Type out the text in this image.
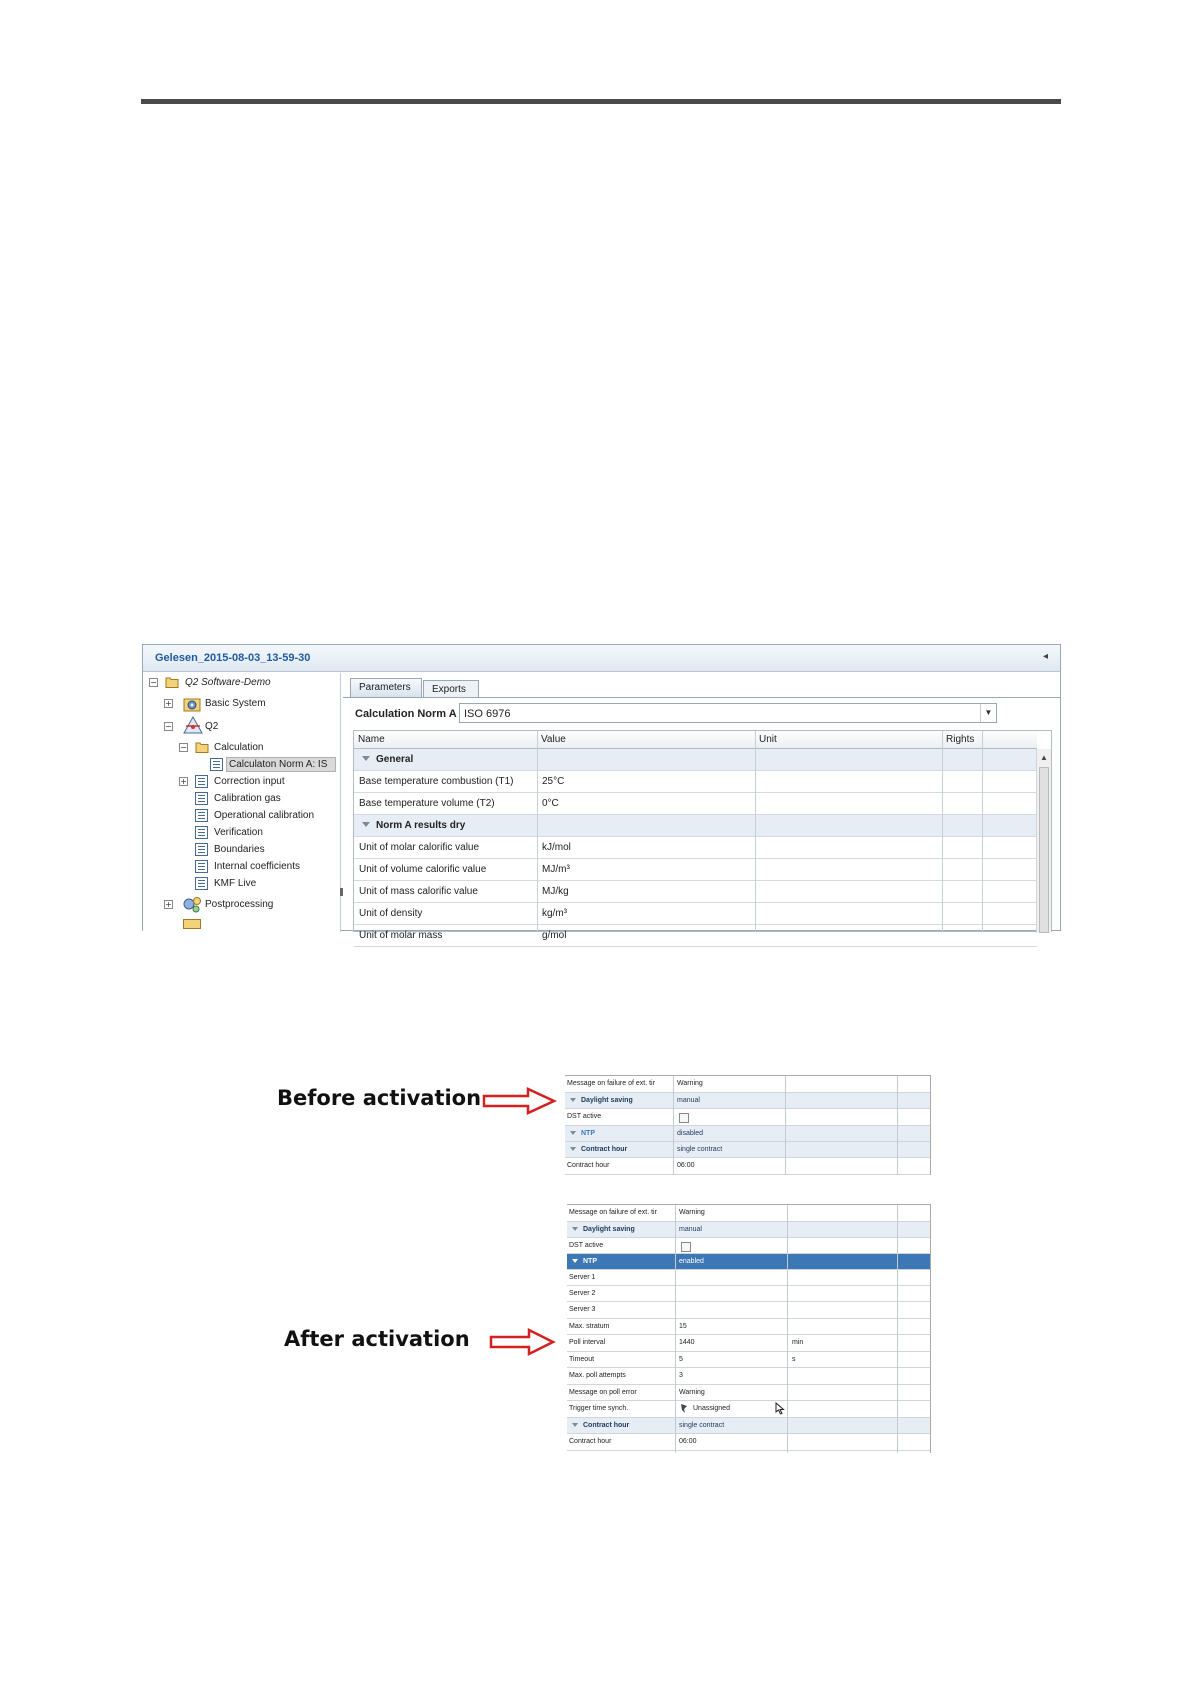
Gelesen_2015-08-03_13-59-30	◂
−	Q2 Software-Demo
+	Basic System
−	Q2
−	Calculation
Calculaton Norm A: IS
+	Correction input
Calibration gas
Operational calibration
Verification
Boundaries
Internal coefficients
KMF Live
+	Postprocessing
Parameters	Exports
Calculation Norm A ISO 6976	▼
Name	Value	Unit	Rights
General
Base temperature combustion (T1)	25°C
Base temperature volume (T2)	0°C
Norm A results dry
Unit of molar calorific value	kJ/mol
Unit of volume calorific value	MJ/m³
Unit of mass calorific value	MJ/kg
Unit of density	kg/m³
Unit of molar mass	g/mol
▲
Before activation
Message on failure of ext. tir	Warning
Daylight saving	manual
DST active
NTP	disabled
Contract hour	single contract
Contract hour	06:00
After activation
Message on failure of ext. tir	Warning
Daylight saving	manual
DST active
NTP	enabled
Server 1
Server 2
Server 3
Max. stratum	15
Poll interval	1440	min
Timeout	5	s
Max. poll attempts	3
Message on poll error	Warning
Trigger time synch.	Unassigned
Contract hour	single contract
Contract hour	06:00
